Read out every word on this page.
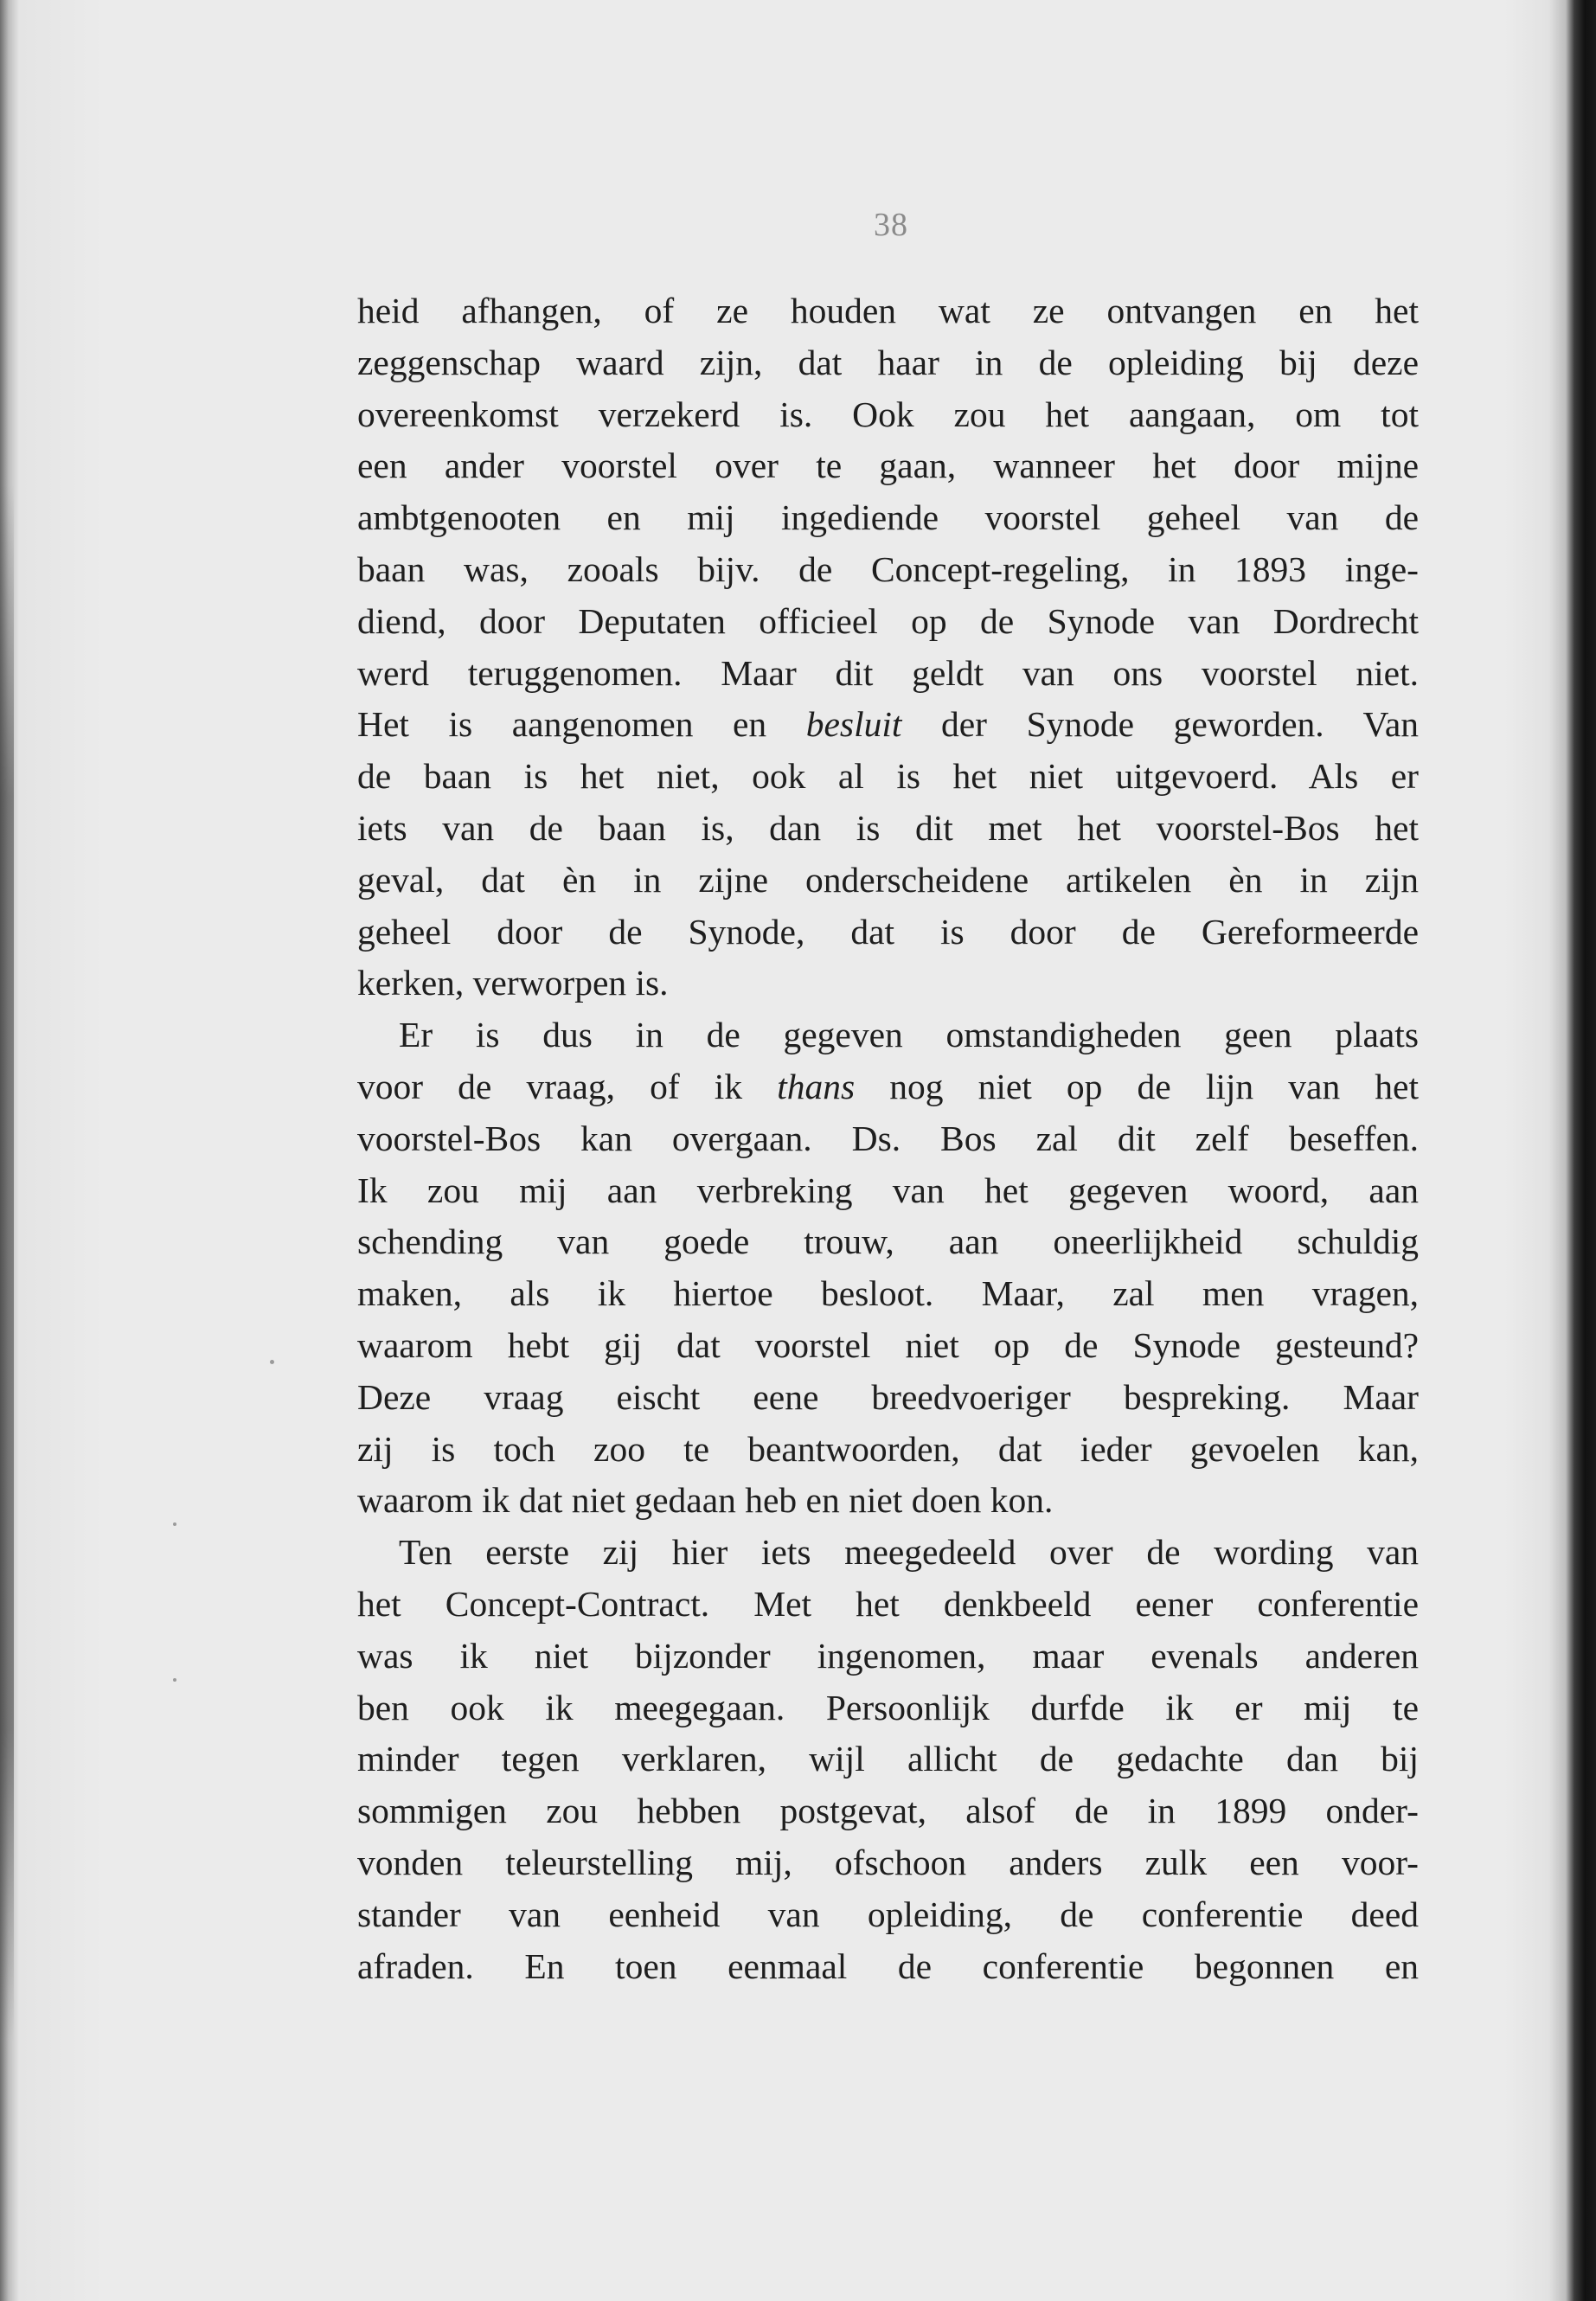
38
heid afhangen, of ze houden wat ze ontvangen en het
zeggenschap waard zijn, dat haar in de opleiding bij deze
overeenkomst verzekerd is. Ook zou het aangaan, om tot
een ander voorstel over te gaan, wanneer het door mijne
ambtgenooten en mij ingediende voorstel geheel van de
baan was, zooals bijv. de Concept-regeling, in 1893 inge-
diend, door Deputaten officieel op de Synode van Dordrecht
werd teruggenomen. Maar dit geldt van ons voorstel niet.
Het is aangenomen en besluit der Synode geworden. Van
de baan is het niet, ook al is het niet uitgevoerd. Als er
iets van de baan is, dan is dit met het voorstel-Bos het
geval, dat èn in zijne onderscheidene artikelen èn in zijn
geheel door de Synode, dat is door de Gereformeerde
kerken, verworpen is.
Er is dus in de gegeven omstandigheden geen plaats
voor de vraag, of ik thans nog niet op de lijn van het
voorstel-Bos kan overgaan. Ds. Bos zal dit zelf beseffen.
Ik zou mij aan verbreking van het gegeven woord, aan
schending van goede trouw, aan oneerlijkheid schuldig
maken, als ik hiertoe besloot. Maar, zal men vragen,
waarom hebt gij dat voorstel niet op de Synode gesteund?
Deze vraag eischt eene breedvoeriger bespreking. Maar
zij is toch zoo te beantwoorden, dat ieder gevoelen kan,
waarom ik dat niet gedaan heb en niet doen kon.
Ten eerste zij hier iets meegedeeld over de wording van
het Concept-Contract. Met het denkbeeld eener conferentie
was ik niet bijzonder ingenomen, maar evenals anderen
ben ook ik meegegaan. Persoonlijk durfde ik er mij te
minder tegen verklaren, wijl allicht de gedachte dan bij
sommigen zou hebben postgevat, alsof de in 1899 onder-
vonden teleurstelling mij, ofschoon anders zulk een voor-
stander van eenheid van opleiding, de conferentie deed
afraden. En toen eenmaal de conferentie begonnen en
